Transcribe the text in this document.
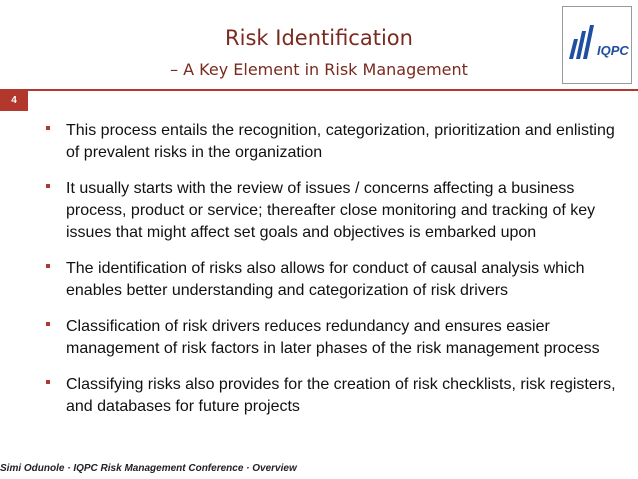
Risk Identification
– A Key Element in Risk Management
IQPC
4
This process entails the recognition, categorization, prioritization and enlisting of prevalent risks in the organization
It usually starts with the review of issues / concerns affecting a business process, product or service; thereafter close monitoring and tracking of key issues that might affect set goals and objectives is embarked upon
The identification of risks also allows for conduct of causal analysis which enables better understanding and categorization of risk drivers
Classification of risk drivers reduces redundancy and ensures easier management of risk factors in later phases of the risk management process
Classifying risks also provides for the creation of risk checklists, risk registers, and databases for future projects
Simi Odunole · IQPC Risk Management Conference · Overview
